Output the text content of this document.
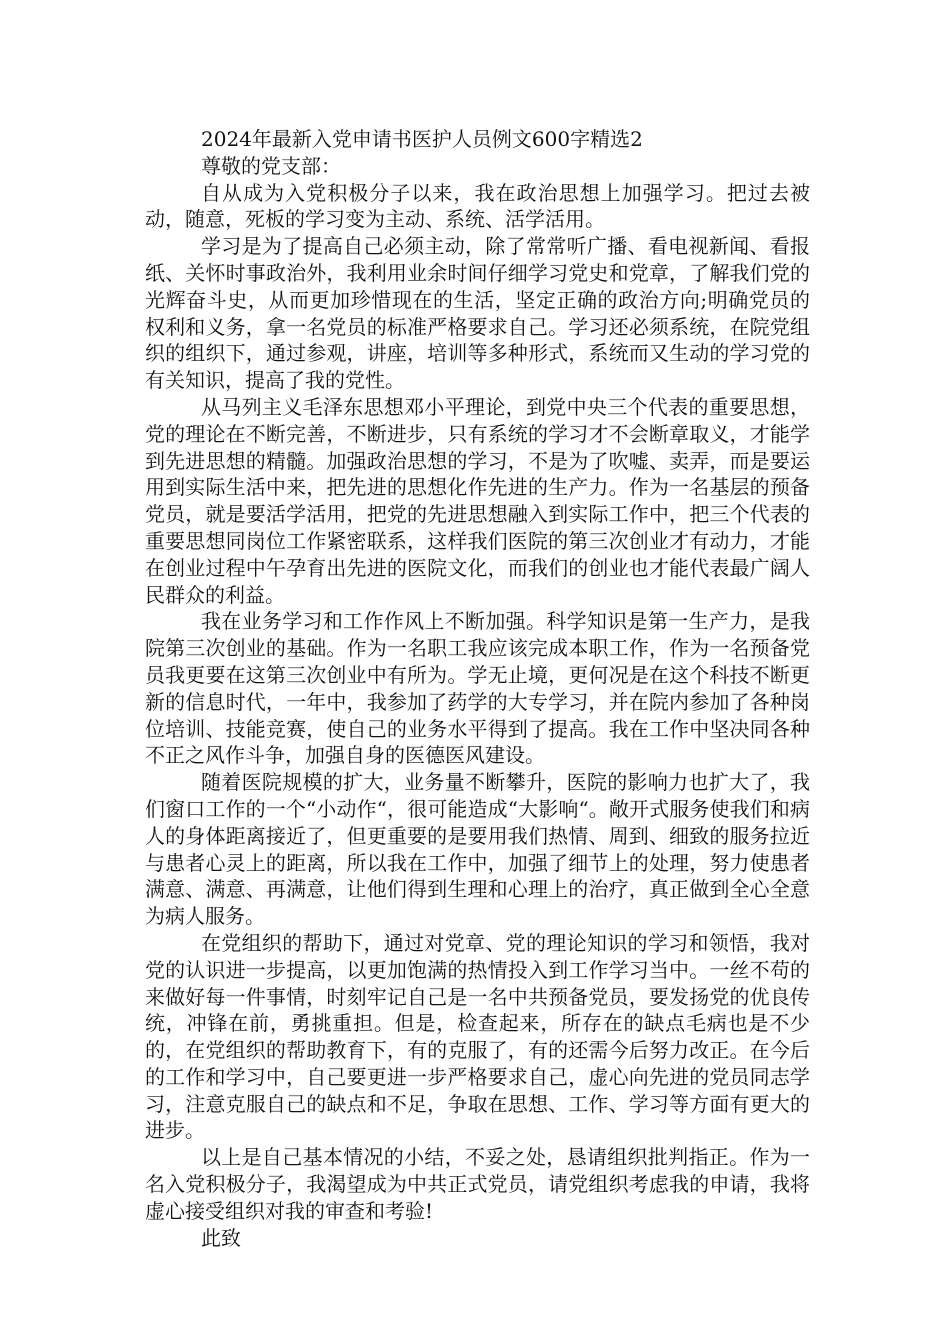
2024年最新入党申请书医护人员例文600字精选2

尊敬的党支部：

自从成为入党积极分子以来，我在政治思想上加强学习。把过去被动，随意，死板的学习变为主动、系统、活学活用。

学习是为了提高自己必须主动，除了常常听广播、看电视新闻、看报纸、关怀时事政治外，我利用业余时间仔细学习党史和党章，了解我们党的光辉奋斗史，从而更加珍惜现在的生活，坚定正确的政治方向;明确党员的权利和义务，拿一名党员的标准严格要求自己。学习还必须系统，在院党组织的组织下，通过参观，讲座，培训等多种形式，系统而又生动的学习党的有关知识，提高了我的党性。

从马列主义毛泽东思想邓小平理论，到党中央三个代表的重要思想，党的理论在不断完善，不断进步，只有系统的学习才不会断章取义，才能学到先进思想的精髓。加强政治思想的学习，不是为了吹嘘、卖弄，而是要运用到实际生活中来，把先进的思想化作先进的生产力。作为一名基层的预备党员，就是要活学活用，把党的先进思想融入到实际工作中，把三个代表的重要思想同岗位工作紧密联系，这样我们医院的第三次创业才有动力，才能在创业过程中午孕育出先进的医院文化，而我们的创业也才能代表最广阔人民群众的利益。

我在业务学习和工作作风上不断加强。科学知识是第一生产力，是我院第三次创业的基础。作为一名职工我应该完成本职工作，作为一名预备党员我更要在这第三次创业中有所为。学无止境，更何况是在这个科技不断更新的信息时代，一年中，我参加了药学的大专学习，并在院内参加了各种岗位培训、技能竞赛，使自己的业务水平得到了提高。我在工作中坚决同各种不正之风作斗争，加强自身的医德医风建设。

随着医院规模的扩大，业务量不断攀升，医院的影响力也扩大了，我们窗口工作的一个“小动作“，很可能造成“大影响“。敞开式服务使我们和病人的身体距离接近了，但更重要的是要用我们热情、周到、细致的服务拉近与患者心灵上的距离，所以我在工作中，加强了细节上的处理，努力使患者满意、满意、再满意，让他们得到生理和心理上的治疗，真正做到全心全意为病人服务。

在党组织的帮助下，通过对党章、党的理论知识的学习和领悟，我对党的认识进一步提高，以更加饱满的热情投入到工作学习当中。一丝不苟的来做好每一件事情，时刻牢记自己是一名中共预备党员，要发扬党的优良传统，冲锋在前，勇挑重担。但是，检查起来，所存在的缺点毛病也是不少的，在党组织的帮助教育下，有的克服了，有的还需今后努力改正。在今后的工作和学习中，自己要更进一步严格要求自己，虚心向先进的党员同志学习，注意克服自己的缺点和不足，争取在思想、工作、学习等方面有更大的进步。

以上是自己基本情况的小结，不妥之处，恳请组织批判指正。作为一名入党积极分子，我渴望成为中共正式党员，请党组织考虑我的申请，我将虚心接受组织对我的审查和考验!

此致
